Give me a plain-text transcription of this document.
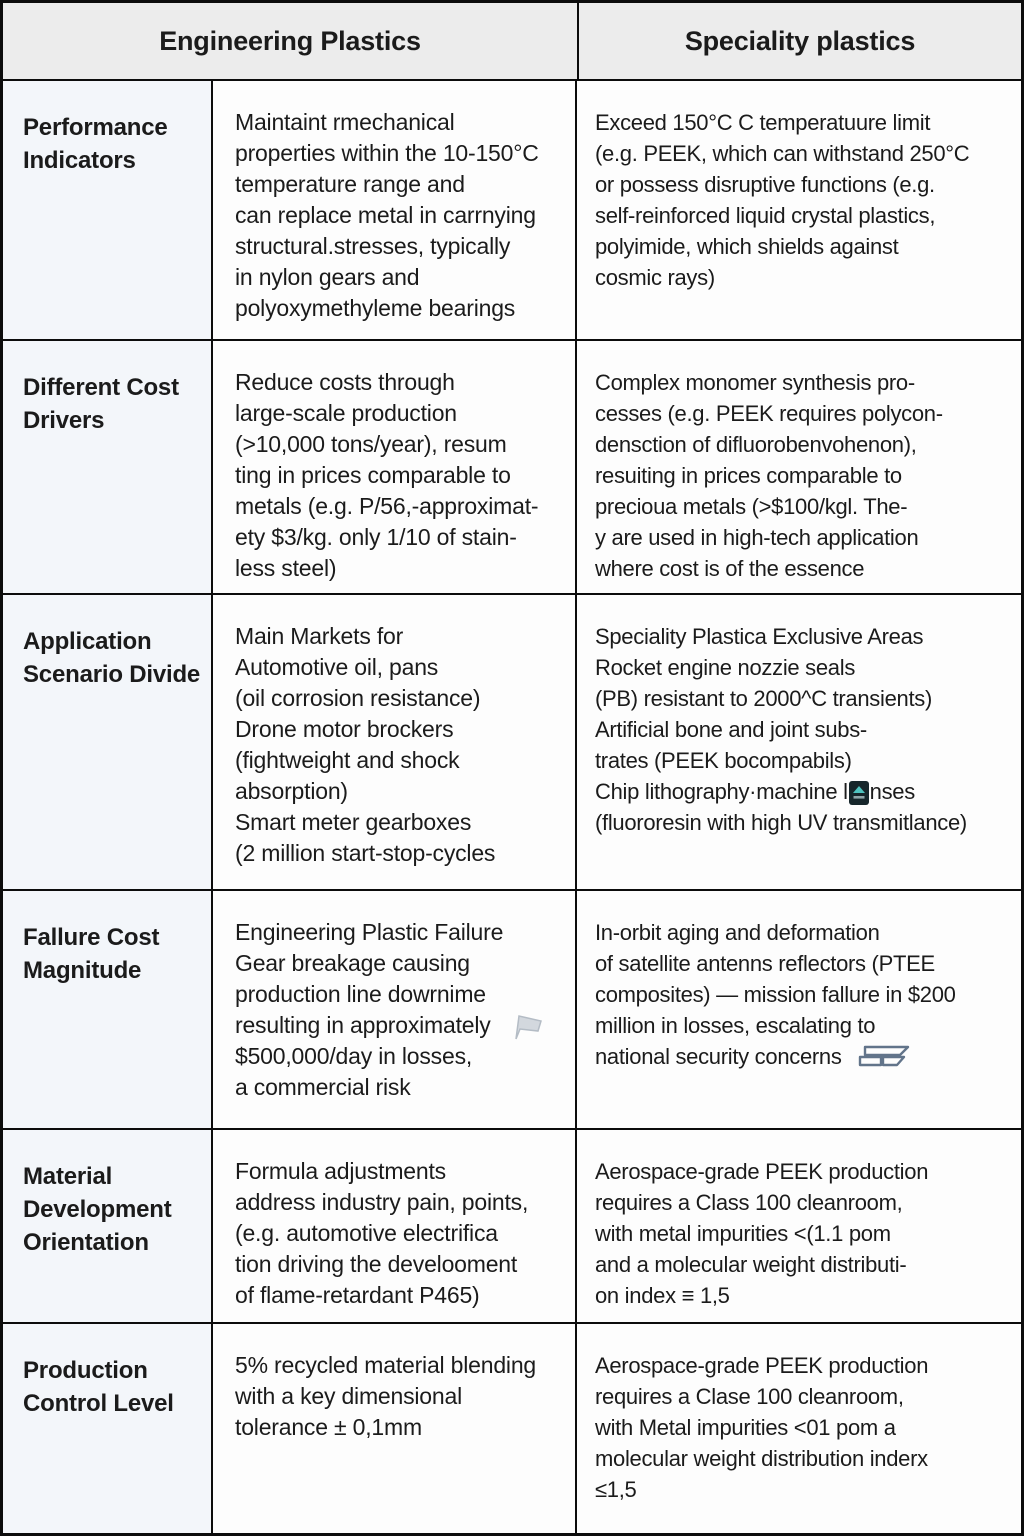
Engineering Plastics	Speciality plastics
Performance Indicators
Maintaint rmechanical
properties within the 10-150°C
temperature range and
can replace metal in carrnying
structural.stresses, typically
in nylon gears and
polyoxymethyleme bearings
Exceed 150°C C temperatuure limit
(e.g. PEEK, which can withstand 250°C
or possess disruptive functions (e.g.
self-reinforced liquid crystal plastics,
polyimide, which shields against
cosmic rays)
Different Cost Drivers
Reduce costs through
large-scale production
(>10,000 tons/year), resum
ting in prices comparable to
metals (e.g. P/56,-approximat-
ety $3/kg. only 1/10 of stain-
less steel)
Complex monomer synthesis pro-
cesses (e.g. PEEK requires polycon-
densction of difluorobenvohenon),
resuiting in prices comparable to
precioua metals (>$100/kgl. The-
y are used in high-tech application
where cost is of the essence
Application Scenario Divide
Main Markets for
Automotive oil, pans
(oil corrosion resistance)
Drone motor brockers
(fightweight and shock
absorption)
Smart meter gearboxes
(2 million start-stop-cycles
Speciality Plastica Exclusive Areas
Rocket engine nozzie seals
(PB) resistant to 2000^C transients)
Artificial bone and joint subs-
trates (PEEK bocompabils)
Chip lithography·machine l nses
(fluororesin with high UV transmitlance)
Fallure Cost Magnitude
Engineering Plastic Failure
Gear breakage causing
production line dowrnime
resulting in approximately
$500,000/day in losses,
a commercial risk
In-orbit aging and deformation
of satellite antenns reflectors (PTEE
composites) — mission fallure in $200
million in losses, escalating to
national security concerns
Material Development Orientation
Formula adjustments
address industry pain, points,
(e.g. automotive electrifica
tion driving the develooment
of flame-retardant P465)
Aerospace-grade PEEK production
requires a Class 100 cleanroom,
with metal impurities <(1.1 pom
and a molecular weight distributi-
on index ≡ 1,5
Production Control Level
5% recycled material blending
with a key dimensional
tolerance ± 0,1mm
Aerospace-grade PEEK production
requires a Clase 100 cleanroom,
with Metal impurities <01 pom a
molecular weight distribution inderx
≤1,5
